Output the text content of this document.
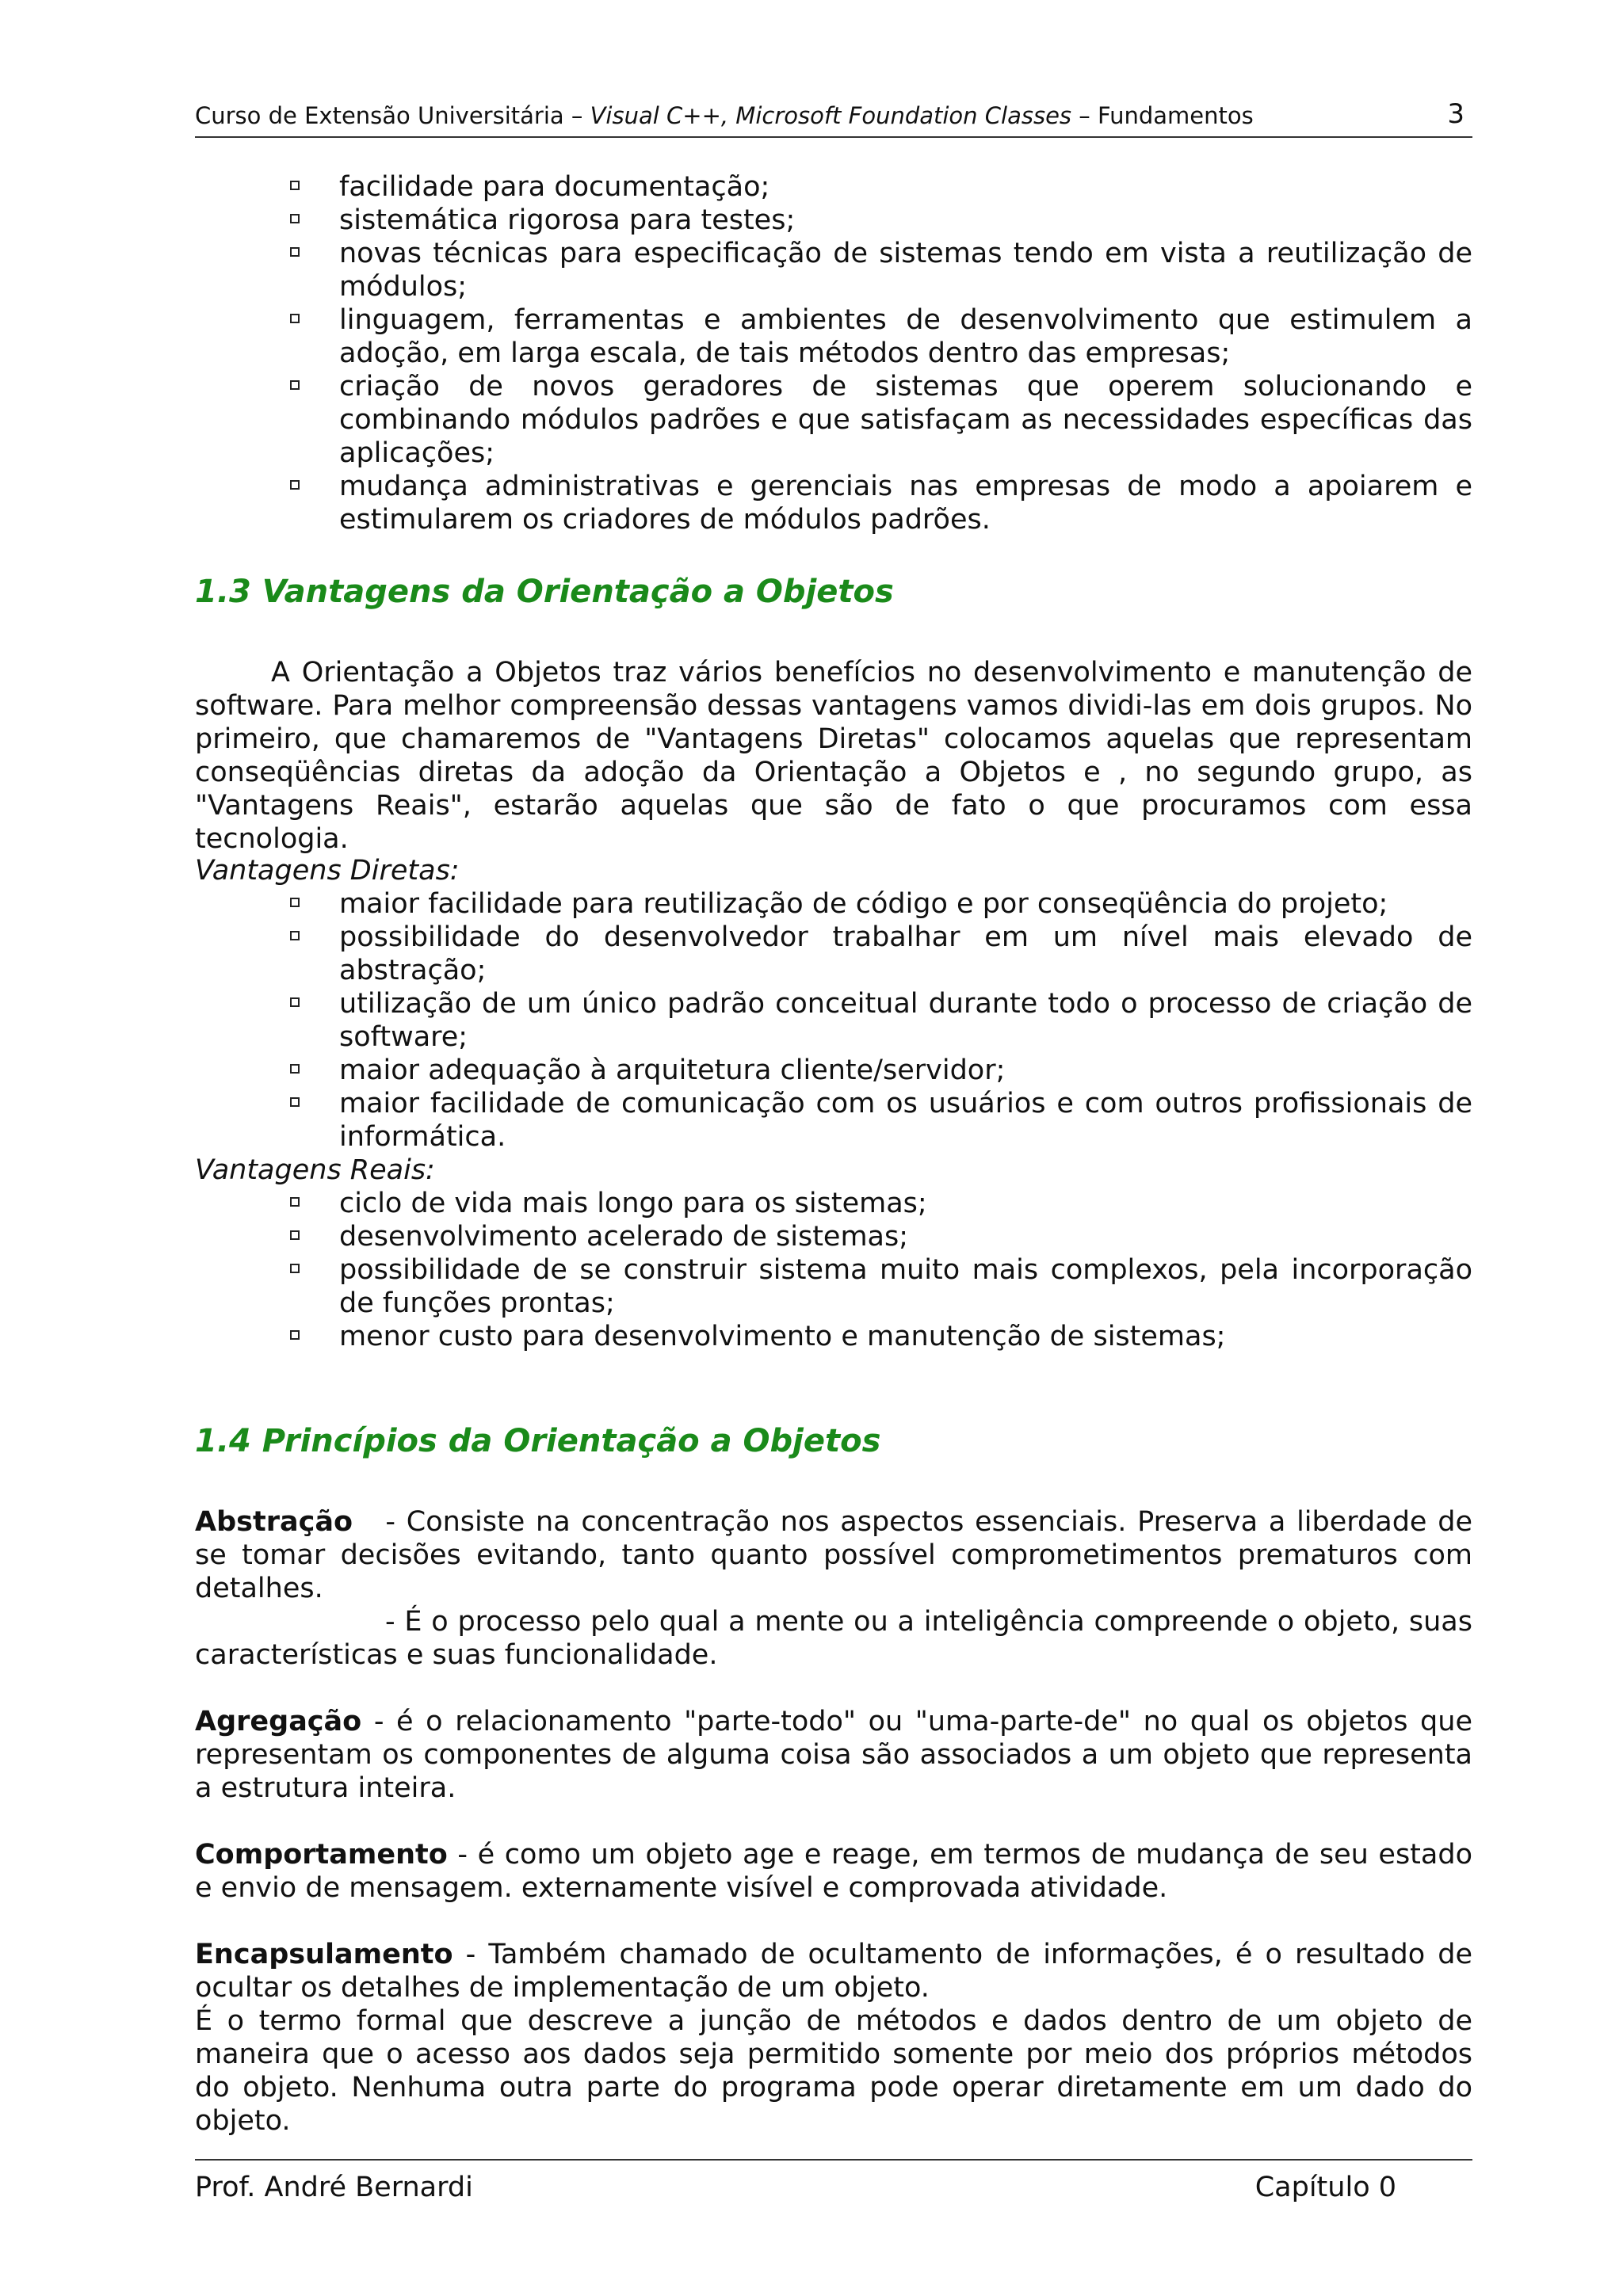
Curso de Extensão Universitária – Visual C++, Microsoft Foundation Classes – Fundamentos	3
facilidade para documentação;
sistemática rigorosa para testes;
novas técnicas para especificação de sistemas tendo em vista a reutilização de módulos;
linguagem, ferramentas e ambientes de desenvolvimento que estimulem a adoção, em larga escala, de tais métodos dentro das empresas;
criação de novos geradores de sistemas que operem solucionando e combinando módulos padrões e que satisfaçam as necessidades específicas das aplicações;
mudança administrativas e gerenciais nas empresas de modo a apoiarem e estimularem os criadores de módulos padrões.
1.3 Vantagens da Orientação a Objetos

A Orientação a Objetos traz vários benefícios no desenvolvimento e manutenção de software. Para melhor compreensão dessas vantagens vamos dividi-las em dois grupos. No primeiro, que chamaremos de "Vantagens Diretas" colocamos aquelas que representam conseqüências diretas da adoção da Orientação a Objetos e , no segundo grupo, as "Vantagens Reais", estarão aquelas que são de fato o que procuramos com essa tecnologia.

Vantagens Diretas:

maior facilidade para reutilização de código e por conseqüência do projeto;
possibilidade do desenvolvedor trabalhar em um nível mais elevado de abstração;
utilização de um único padrão conceitual durante todo o processo de criação de software;
maior adequação à arquitetura cliente/servidor;
maior facilidade de comunicação com os usuários e com outros profissionais de informática.

Vantagens Reais:

ciclo de vida mais longo para os sistemas;
desenvolvimento acelerado de sistemas;
possibilidade de se construir sistema muito mais complexos, pela incorporação de funções prontas;
menor custo para desenvolvimento e manutenção de sistemas;
1.4 Princípios da Orientação a Objetos

Abstração   - Consiste na concentração nos aspectos essenciais. Preserva a liberdade de se tomar decisões evitando, tanto quanto possível comprometimentos prematuros com detalhes.

- É o processo pelo qual a mente ou a inteligência compreende o objeto, suas características e suas funcionalidade.

Agregação - é o relacionamento "parte-todo" ou "uma-parte-de" no qual os objetos que representam os componentes de alguma coisa são associados a um objeto que representa a estrutura inteira.

Comportamento - é como um objeto age e reage, em termos de mudança de seu estado e envio de mensagem. externamente visível e comprovada atividade.

Encapsulamento - Também chamado de ocultamento de informações, é o resultado de ocultar os detalhes de implementação de um objeto.

É o termo formal que descreve a junção de métodos e dados dentro de um objeto de maneira que o acesso aos dados seja permitido somente por meio dos próprios métodos do objeto. Nenhuma outra parte do programa pode operar diretamente em um dado do objeto.

Prof. André Bernardi	Capítulo 0
